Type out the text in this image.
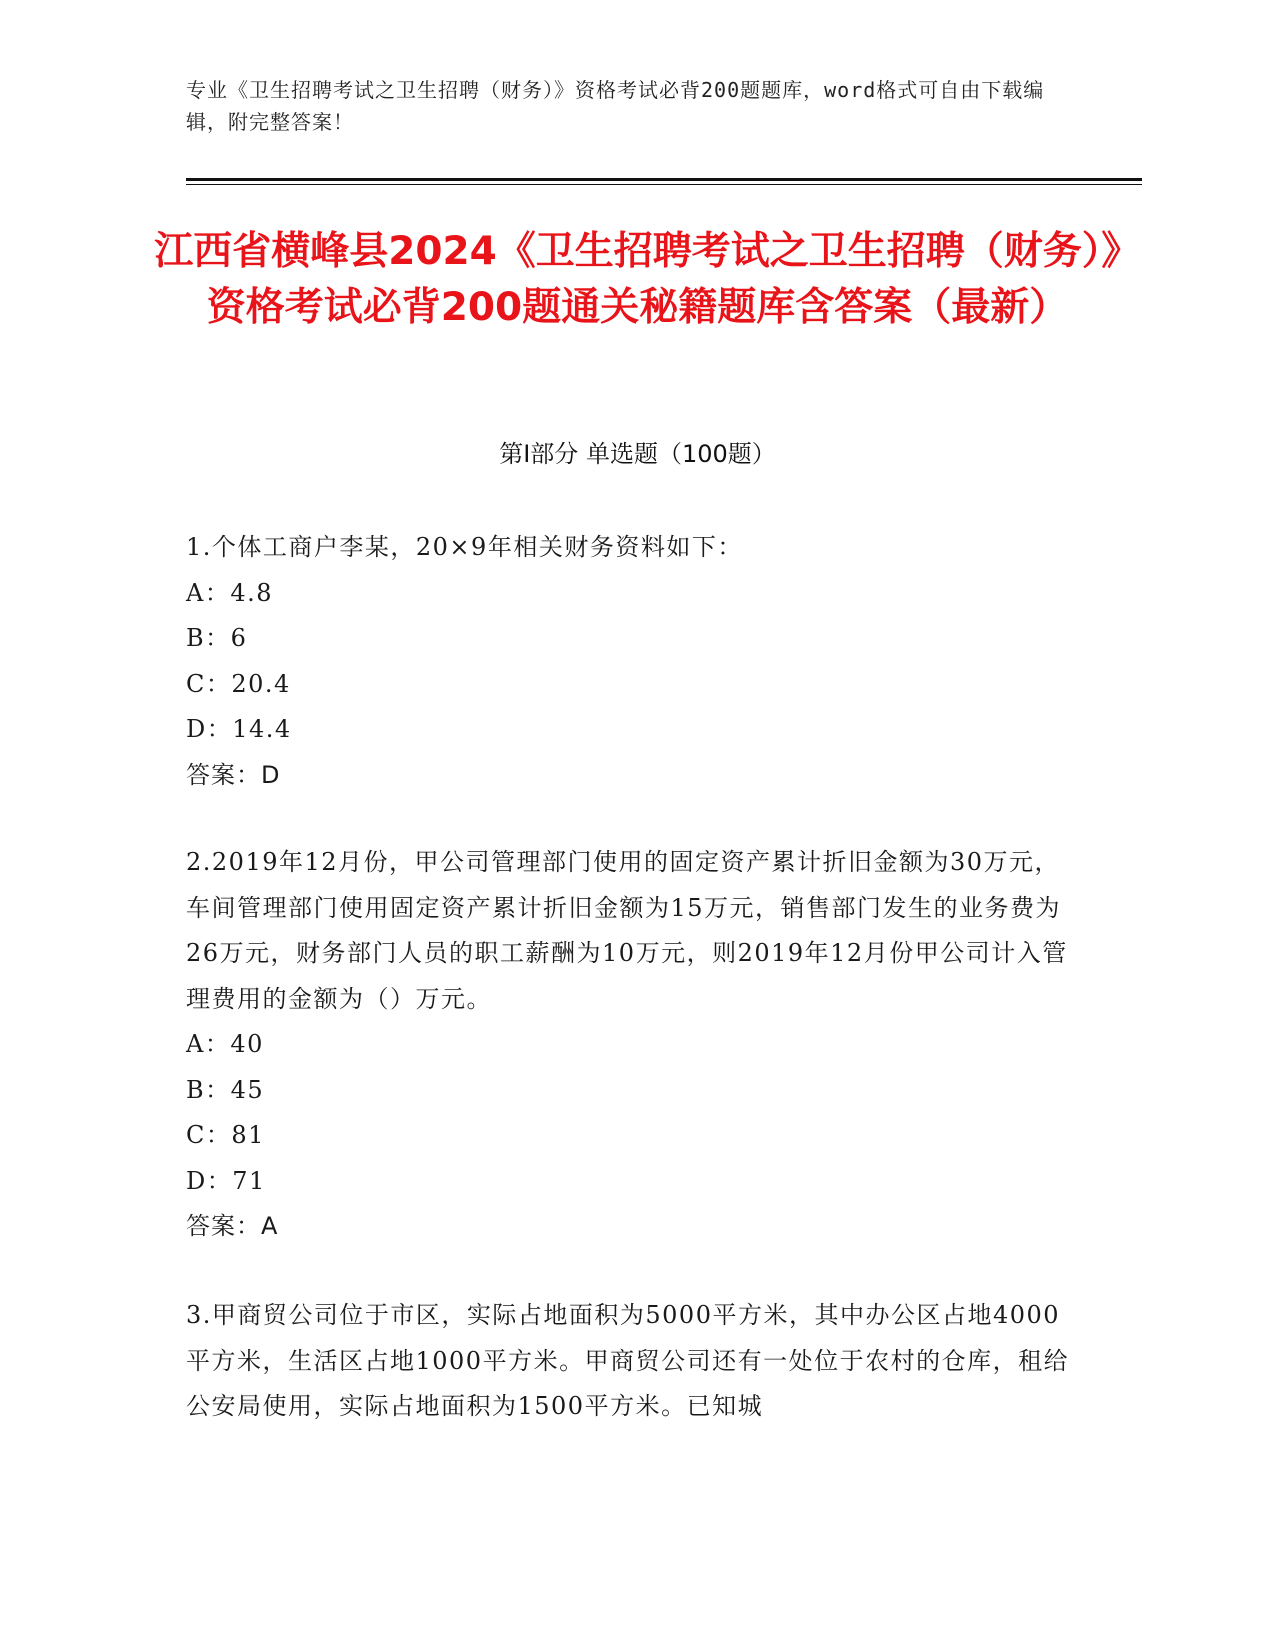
专业《卫生招聘考试之卫生招聘（财务）》资格考试必背200题题库，word格式可自由下载编辑，附完整答案！
江西省横峰县2024《卫生招聘考试之卫生招聘（财务）》资格考试必背200题通关秘籍题库含答案（最新）
第Ⅰ部分 单选题（100题）

1.个体工商户李某，20×9年相关财务资料如下：

A：4.8

B：6

C：20.4

D：14.4

答案：D

2.2019年12月份，甲公司管理部门使用的固定资产累计折旧金额为30万元，车间管理部门使用固定资产累计折旧金额为15万元，销售部门发生的业务费为26万元，财务部门人员的职工薪酬为10万元，则2019年12月份甲公司计入管理费用的金额为（）万元。

A：40

B：45

C：81

D：71

答案：A

3.甲商贸公司位于市区，实际占地面积为5000平方米，其中办公区占地4000平方米，生活区占地1000平方米。甲商贸公司还有一处位于农村的仓库，租给公安局使用，实际占地面积为1500平方米。已知城
